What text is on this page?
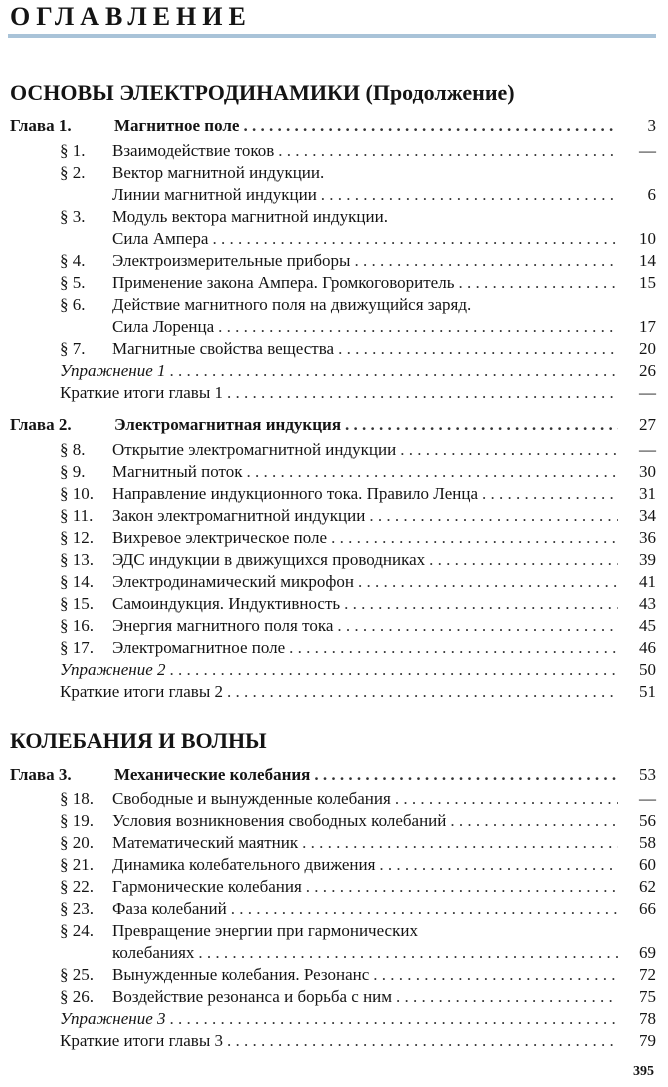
ОГЛАВЛЕНИЕ
ОСНОВЫ ЭЛЕКТРОДИНАМИКИ (Продолжение)
КОЛЕБАНИЯ И ВОЛНЫ
Глава 1. Магнитное поле . . .	3
§ 1.	Взаимодействие токов . . .	—
§ 2.	Вектор магнитной индукции.
Линии магнитной индукции . . .	6
§ 3.	Модуль вектора магнитной индукции.
Сила Ампера . . .	10
§ 4.	Электроизмерительные приборы . . .	14
§ 5.	Применение закона Ампера. Громкоговоритель . . .	15
§ 6.	Действие магнитного поля на движущийся заряд.
Сила Лоренца . . .	17
§ 7.	Магнитные свойства вещества . . .	20
Упражнение 1 . . .	26
Краткие итоги главы 1 . . .	—
Глава 2. Электромагнитная индукция . . .	27
§ 8.	Открытие электромагнитной индукции . . .	—
§ 9.	Магнитный поток . . .	30
§ 10.	Направление индукционного тока. Правило Ленца . . .	31
§ 11.	Закон электромагнитной индукции . . .	34
§ 12.	Вихревое электрическое поле . . .	36
§ 13.	ЭДС индукции в движущихся проводниках . . .	39
§ 14.	Электродинамический микрофон . . .	41
§ 15.	Самоиндукция. Индуктивность . . .	43
§ 16.	Энергия магнитного поля тока . . .	45
§ 17.	Электромагнитное поле . . .	46
Упражнение 2 . . .	50
Краткие итоги главы 2 . . .	51
Глава 3. Механические колебания . . .	53
§ 18.	Свободные и вынужденные колебания . . .	—
§ 19.	Условия возникновения свободных колебаний . . .	56
§ 20.	Математический маятник . . .	58
§ 21.	Динамика колебательного движения . . .	60
§ 22.	Гармонические колебания . . .	62
§ 23.	Фаза колебаний . . .	66
§ 24.	Превращение энергии при гармонических
колебаниях . . .	69
§ 25.	Вынужденные колебания. Резонанс . . .	72
§ 26.	Воздействие резонанса и борьба с ним . . .	75
Упражнение 3 . . .	78
Краткие итоги главы 3 . . .	79
395
